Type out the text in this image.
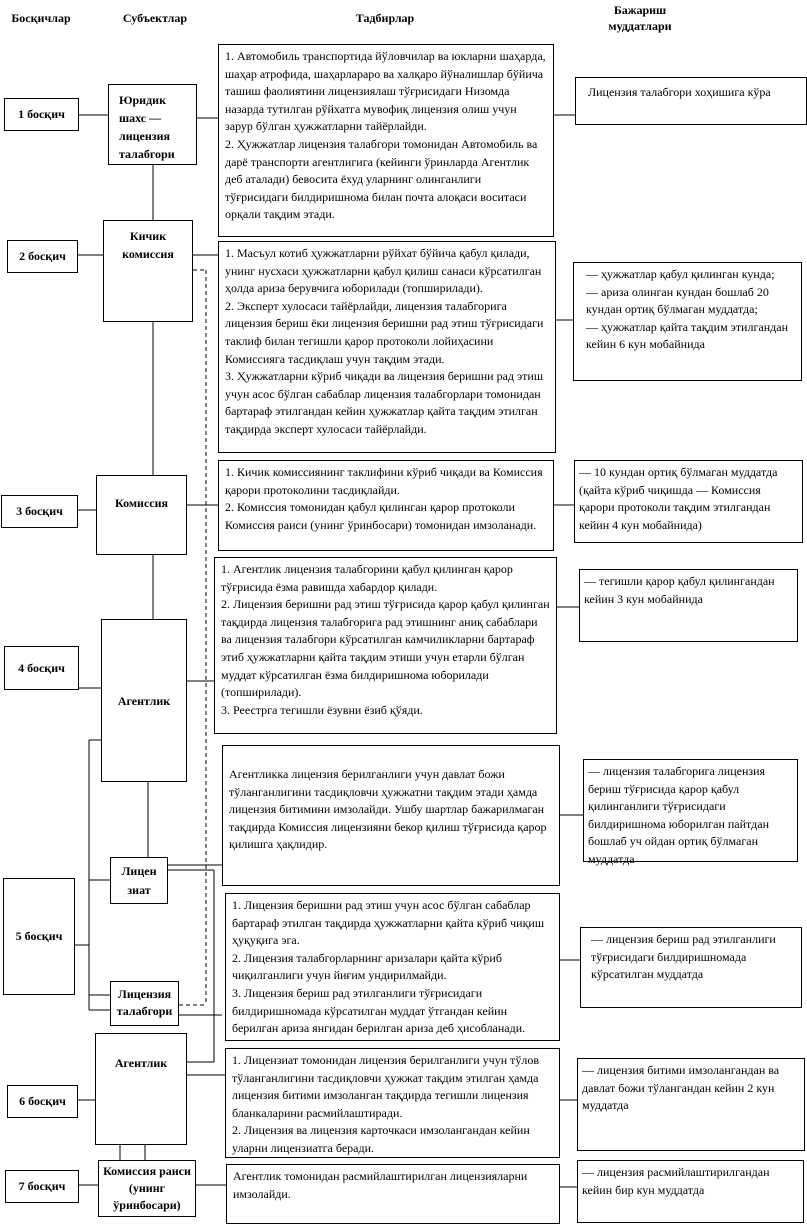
Босқичлар	Субъектлар	Тадбирлар
Бажариш
муддатлари
1 босқич
2 босқич
3 босқич
4 босқич
5 босқич
6 босқич
7 босқич
Юридик
шахс —
лицензия
талабгори
Кичик
комиссия
Комиссия
Агентлик
Лицен
зиат
Лицензия
талабгори
Агентлик
Комиссия раиси
(унинг
ўринбосари)
1. Автомобиль транспортида йўловчилар ва юкларни шаҳарда, шаҳар атрофида, шаҳарлараро ва халқаро йўналишлар бўйича ташиш фаолиятини лицензиялаш тўғрисидаги Низомда назарда тутилган рўйхатга мувофиқ лицензия олиш учун зарур бўлган ҳужжатларни тайёрлайди.
2. Ҳужжатлар лицензия талабгори томонидан Автомобиль ва дарё транспорти агентлигига (кейинги ўринларда Агентлик деб аталади) бевосита ёхуд уларнинг олинганлиги тўғрисидаги билдиришнома билан почта алоқаси воситаси орқали тақдим этади.
1. Масъул котиб ҳужжатларни рўйхат бўйича қабул қилади, унинг нусхаси ҳужжатларни қабул қилиш санаси кўрсатилган ҳолда ариза берувчига юборилади (топширилади).
2. Эксперт хулосаси тайёрлайди, лицензия талабгорига лицензия бериш ёки лицензия беришни рад этиш тўғрисидаги таклиф билан тегишли қарор протоколи лойиҳасини Комиссияга тасдиқлаш учун тақдим этади.
3. Ҳужжатларни кўриб чиқади ва лицензия беришни рад этиш учун асос бўлган сабаблар лицензия талабгорлари томонидан бартараф этилгандан кейин ҳужжатлар қайта тақдим этилган тақдирда эксперт хулосаси тайёрлайди.
1. Кичик комиссиянинг таклифини кўриб чиқади ва Комиссия қарори протоколини тасдиқлайди.
2. Комиссия томонидан қабул қилинган қарор протоколи Комиссия раиси (унинг ўринбосари) томонидан имзоланади.
1. Агентлик лицензия талабгорини қабул қилинган қарор тўғрисида ёзма равишда хабардор қилади.
2. Лицензия беришни рад этиш тўғрисида қарор қабул қилинган тақдирда лицензия талабгорига рад этишнинг аниқ сабаблари ва лицензия талабгори кўрсатилган камчиликларни бартараф этиб ҳужжатларни қайта тақдим этиши учун етарли бўлган муддат кўрсатилган ёзма билдиришнома юборилади (топширилади).
3. Реестрга тегишли ёзувни ёзиб қўяди.
Агентликка лицензия берилганлиги учун давлат божи тўланганлигини тасдиқловчи ҳужжатни тақдим этади ҳамда лицензия битимини имзолайди. Ушбу шартлар бажарилмаган тақдирда Комиссия лицензияни бекор қилиш тўғрисида қарор қилишга ҳақлидир.
1. Лицензия беришни рад этиш учун асос бўлган сабаблар бартараф этилган тақдирда ҳужжатларни қайта кўриб чиқиш ҳуқуқига эга.
2. Лицензия талабгорларнинг аризалари қайта кўриб чиқилганлиги учун йиғим ундирилмайди.
3. Лицензия бериш рад этилганлиги тўғрисидаги билдиришномада кўрсатилган муддат ўтгандан кейин берилган ариза янгидан берилган ариза деб ҳисобланади.
1. Лицензиат томонидан лицензия берилганлиги учун тўлов тўланганлигини тасдиқловчи ҳужжат тақдим этилган ҳамда лицензия битими имзоланган тақдирда тегишли лицензия бланкаларини расмийлаштиради.
2. Лицензия ва лицензия карточкаси имзолангандан кейин уларни лицензиатга беради.
Агентлик томонидан расмийлаштирилган лицензияларни имзолайди.
Лицензия талабгори хоҳишига кўра
— ҳужжатлар қабул қилинган кунда;
— ариза олинган кундан бошлаб 20 кундан ортиқ бўлмаган муддатда;
— ҳужжатлар қайта тақдим этилгандан кейин 6 кун мобайнида
— 10 кундан ортиқ бўлмаган муддатда (қайта кўриб чиқишда — Комиссия қарори протоколи тақдим этилгандан кейин 4 кун мобайнида)
— тегишли қарор қабул қилингандан кейин 3 кун мобайнида
— лицензия талабгорига лицензия бериш тўғрисида қарор қабул қилинганлиги тўғрисидаги билдиришнома юборилган пайтдан бошлаб уч ойдан ортиқ бўлмаган муддатда
— лицензия бериш рад этилганлиги тўғрисидаги билдиришномада кўрсатилган муддатда
— лицензия битими имзолангандан ва давлат божи тўлангандан кейин 2 кун муддатда
— лицензия расмийлаштирилгандан кейин бир кун муддатда
